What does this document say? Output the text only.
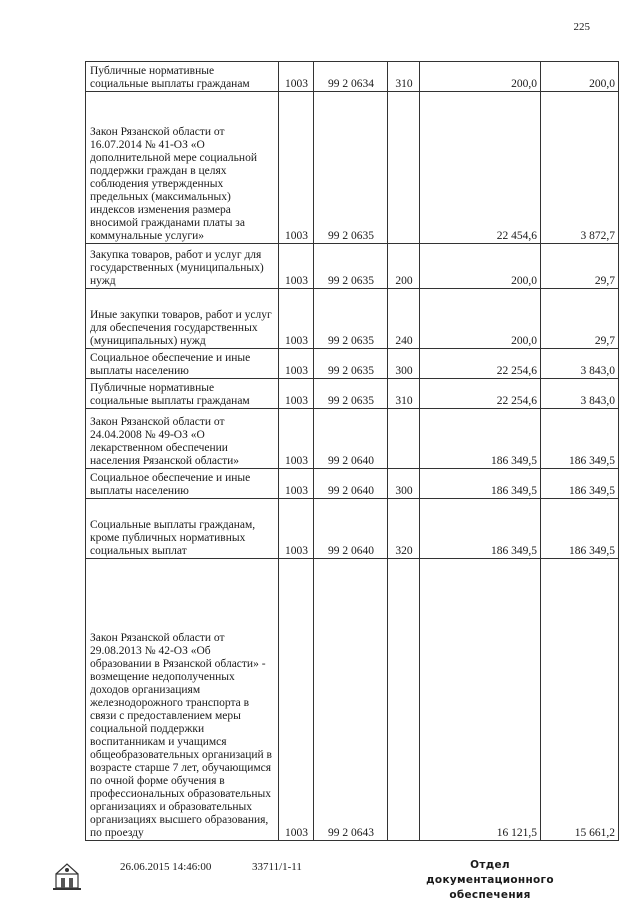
225
Публичные нормативные социальные выплаты гражданам	1003	99 2 0634	310	200,0	200,0
Закон Рязанской области от 16.07.2014 № 41-ОЗ «О дополнительной мере социальной поддержки граждан в целях соблюдения утвержденных предельных (максимальных) индексов изменения размера вносимой гражданами платы за коммунальные услуги»	1003	99 2 0635		22 454,6	3 872,7
Закупка товаров, работ и услуг для государственных (муниципальных) нужд	1003	99 2 0635	200	200,0	29,7
Иные закупки товаров, работ и услуг для обеспечения государственных (муниципальных) нужд	1003	99 2 0635	240	200,0	29,7
Социальное обеспечение и иные выплаты населению	1003	99 2 0635	300	22 254,6	3 843,0
Публичные нормативные социальные выплаты гражданам	1003	99 2 0635	310	22 254,6	3 843,0
Закон Рязанской области от 24.04.2008 № 49-ОЗ «О лекарственном обеспечении населения Рязанской области»	1003	99 2 0640		186 349,5	186 349,5
Социальное обеспечение и иные выплаты населению	1003	99 2 0640	300	186 349,5	186 349,5
Социальные выплаты гражданам, кроме публичных нормативных социальных выплат	1003	99 2 0640	320	186 349,5	186 349,5
Закон Рязанской области от 29.08.2013 № 42-ОЗ «Об образовании в Рязанской области» - возмещение недополученных доходов организациям железнодорожного транспорта в связи с предоставлением меры социальной поддержки воспитанникам и учащимся общеобразовательных организаций в возрасте старше 7 лет, обучающимся по очной форме обучения в профессиональных образовательных организациях и образовательных организациях высшего образования, по проезду	1003	99 2 0643		16 121,5	15 661,2
26.06.2015 14:46:00	33711/1-11	Отдел документационного обеспечения
